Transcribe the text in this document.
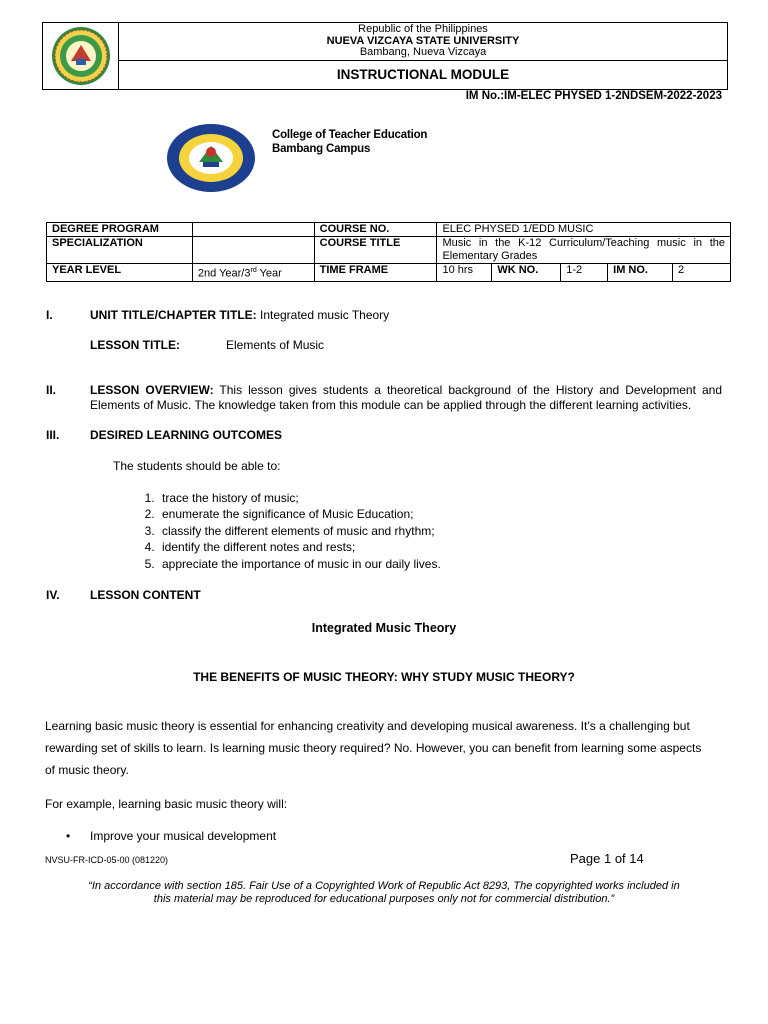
Republic of the Philippines
NUEVA VIZCAYA STATE UNIVERSITY
Bambang, Nueva Vizcaya
INSTRUCTIONAL MODULE
IM No.:IM-ELEC PHYSED 1-2NDSEM-2022-2023
College of Teacher Education
Bambang Campus
DEGREE PROGRAM		COURSE NO.	ELEC PHYSED 1/EDD MUSIC				
SPECIALIZATION		COURSE TITLE	Music in the K-12 Curriculum/Teaching music in the Elementary Grades				
YEAR LEVEL	2nd Year/3rd Year	TIME FRAME	10 hrs	WK NO.	1-2	IM NO.	2
I.	UNIT TITLE/CHAPTER TITLE: Integrated music Theory
LESSON TITLE:	Elements of Music
II.	LESSON OVERVIEW: This lesson gives students a theoretical background of the History and Development and Elements of Music. The knowledge taken from this module can be applied through the different learning activities.
III.	DESIRED LEARNING OUTCOMES
The students should be able to:
1. trace the history of music;
2. enumerate the significance of Music Education;
3. classify the different elements of music and rhythm;
4. identify the different notes and rests;
5. appreciate the importance of music in our daily lives.
IV.	LESSON CONTENT
Integrated Music Theory
THE BENEFITS OF MUSIC THEORY: WHY STUDY MUSIC THEORY?
Learning basic music theory is essential for enhancing creativity and developing musical awareness. It’s a challenging but
rewarding set of skills to learn. Is learning music theory required? No. However, you can benefit from learning some aspects
of music theory.
For example, learning basic music theory will:
• Improve your musical development
NVSU-FR-ICD-05-00 (081220)	Page 1 of 14
“In accordance with section 185. Fair Use of a Copyrighted Work of Republic Act 8293, The copyrighted works included in
this material may be reproduced for educational purposes only not for commercial distribution.”
